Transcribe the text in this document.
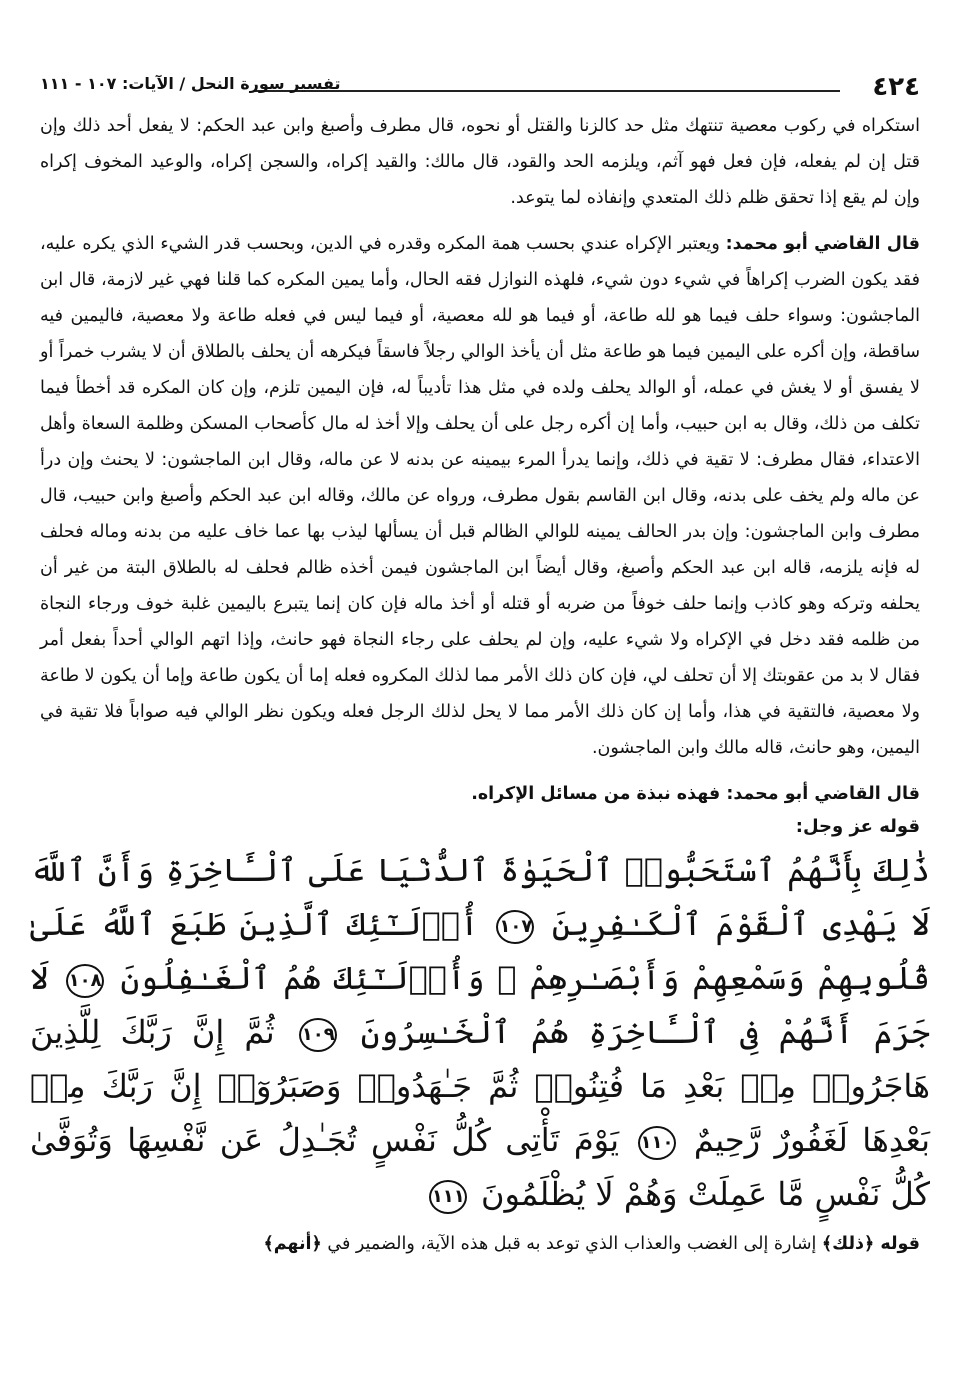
٤٢٤
تفسير سورة النحل / الآيات: ١٠٧ - ١١١

استكراه في ركوب معصية تنتهك مثل حد كالزنا والقتل أو نحوه، قال مطرف وأصبغ وابن عبد الحكم: لا يفعل أحد ذلك وإن قتل إن لم يفعله، فإن فعل فهو آثم، ويلزمه الحد والقود، قال مالك: والقيد إكراه، والسجن إكراه، والوعيد المخوف إكراه وإن لم يقع إذا تحقق ظلم ذلك المتعدي وإنفاذه لما يتوعد.

قال القاضي أبو محمد: ويعتبر الإكراه عندي بحسب همة المكره وقدره في الدين، وبحسب قدر الشيء الذي يكره عليه، فقد يكون الضرب إكراهاً في شيء دون شيء، فلهذه النوازل فقه الحال، وأما يمين المكره كما قلنا فهي غير لازمة، قال ابن الماجشون: وسواء حلف فيما هو لله طاعة، أو فيما هو لله معصية، أو فيما ليس في فعله طاعة ولا معصية، فاليمين فيه ساقطة، وإن أكره على اليمين فيما هو طاعة مثل أن يأخذ الوالي رجلاً فاسقاً فيكرهه أن يحلف بالطلاق أن لا يشرب خمراً أو لا يفسق أو لا يغش في عمله، أو الوالد يحلف ولده في مثل هذا تأديباً له، فإن اليمين تلزم، وإن كان المكره قد أخطأ فيما تكلف من ذلك، وقال به ابن حبيب، وأما إن أكره رجل على أن يحلف وإلا أخذ له مال كأصحاب المسكن وظلمة السعاة وأهل الاعتداء، فقال مطرف: لا تقية في ذلك، وإنما يدرأ المرء بيمينه عن بدنه لا عن ماله، وقال ابن الماجشون: لا يحنث وإن درأ عن ماله ولم يخف على بدنه، وقال ابن القاسم بقول مطرف، ورواه عن مالك، وقاله ابن عبد الحكم وأصبغ وابن حبيب، قال مطرف وابن الماجشون: وإن بدر الحالف يمينه للوالي الظالم قبل أن يسألها ليذب بها عما خاف عليه من بدنه وماله فحلف له فإنه يلزمه، قاله ابن عبد الحكم وأصبغ، وقال أيضاً ابن الماجشون فيمن أخذه ظالم فحلف له بالطلاق البتة من غير أن يحلفه وتركه وهو كاذب وإنما حلف خوفاً من ضربه أو قتله أو أخذ ماله فإن كان إنما يتبرع باليمين غلبة خوف ورجاء النجاة من ظلمه فقد دخل في الإكراه ولا شيء عليه، وإن لم يحلف على رجاء النجاة فهو حانث، وإذا اتهم الوالي أحداً بفعل أمر فقال لا بد من عقوبتك إلا أن تحلف لي، فإن كان ذلك الأمر مما لذلك المكروه فعله إما أن يكون طاعة وإما أن يكون لا طاعة ولا معصية، فالتقية في هذا، وأما إن كان ذلك الأمر مما لا يحل لذلك الرجل فعله ويكون نظر الوالي فيه صواباً فلا تقية في اليمين، وهو حانث، قاله مالك وابن الماجشون.

قال القاضي أبو محمد: فهذه نبذة من مسائل الإكراه.

قوله عز وجل:
ذَٰلِكَ بِأَنَّهُمُ ٱسْتَحَبُّوا۟ ٱلْحَيَوٰةَ ٱلدُّنْيَا عَلَى ٱلْـَٔاخِرَةِ وَأَنَّ ٱللَّهَ لَا يَهْدِى ٱلْقَوْمَ ٱلْكَـٰفِرِينَ ١٠٧ أُو۟لَـٰٓئِكَ ٱلَّذِينَ طَبَعَ ٱللَّهُ عَلَىٰ قُلُوبِهِمْ وَسَمْعِهِمْ وَأَبْصَـٰرِهِمْ ۖ وَأُو۟لَـٰٓئِكَ هُمُ ٱلْغَـٰفِلُونَ ١٠٨ لَا جَرَمَ أَنَّهُمْ فِى ٱلْـَٔاخِرَةِ هُمُ ٱلْخَـٰسِرُونَ ١٠٩ ثُمَّ إِنَّ رَبَّكَ لِلَّذِينَ هَاجَرُوا۟ مِنۢ بَعْدِ مَا فُتِنُوا۟ ثُمَّ جَـٰهَدُوا۟ وَصَبَرُوٓا۟ إِنَّ رَبَّكَ مِنۢ بَعْدِهَا لَغَفُورٌ رَّحِيمٌ ١١٠ يَوْمَ تَأْتِى كُلُّ نَفْسٍ تُجَـٰدِلُ عَن نَّفْسِهَا وَتُوَفَّىٰ كُلُّ نَفْسٍ مَّا عَمِلَتْ وَهُمْ لَا يُظْلَمُونَ ١١١
قوله ﴿ذلك﴾ إشارة إلى الغضب والعذاب الذي توعد به قبل هذه الآية، والضمير في ﴿أنهم﴾
